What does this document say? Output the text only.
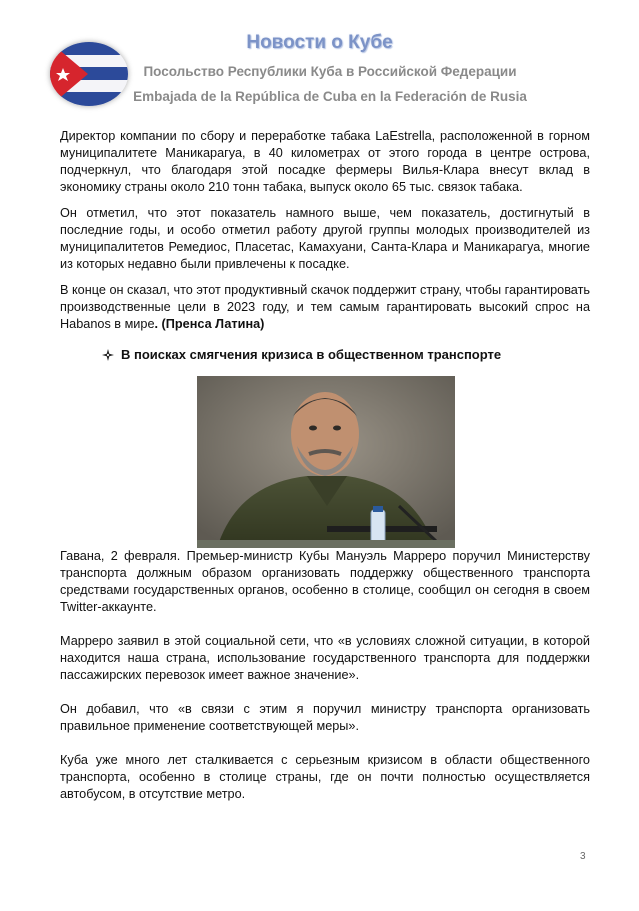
Новости о Кубе
Посольство Республики Куба в Российской Федерации
Embajada de la República de Cuba en la Federación de Rusia

Директор компании по сбору и переработке табака LaEstrella, расположенной в горном муниципалитете Маникарагуа, в 40 километрах от этого города в центре острова, подчеркнул, что благодаря этой посадке фермеры Вилья-Клара внесут вклад в экономику страны около 210 тонн табака, выпуск около 65 тыс. связок табака.

Он отметил, что этот показатель намного выше, чем показатель, достигнутый в последние годы, и особо отметил работу другой группы молодых производителей из муниципалитетов Ремедиос, Пласетас, Камахуани, Санта-Клара и Маникарагуа, многие из которых недавно были привлечены к посадке.

В конце он сказал, что этот продуктивный скачок поддержит страну, чтобы гарантировать производственные цели в 2023 году, и тем самым гарантировать высокий спрос на Habanos в мире. (Пренса Латина)

В поисках смягчения кризиса в общественном транспорте

Гавана, 2 февраля. Премьер-министр Кубы Мануэль Марреро поручил Министерству транспорта должным образом организовать поддержку общественного транспорта средствами государственных органов, особенно в столице, сообщил он сегодня в своем Twitter-аккаунте.

Марреро заявил в этой социальной сети, что «в условиях сложной ситуации, в которой находится наша страна, использование государственного транспорта для поддержки пассажирских перевозок имеет важное значение».

Он добавил, что «в связи с этим я поручил министру транспорта организовать правильное применение соответствующей меры».

Куба уже много лет сталкивается с серьезным кризисом в области общественного транспорта, особенно в столице страны, где он почти полностью осуществляется автобусом, в отсутствие метро.

3
